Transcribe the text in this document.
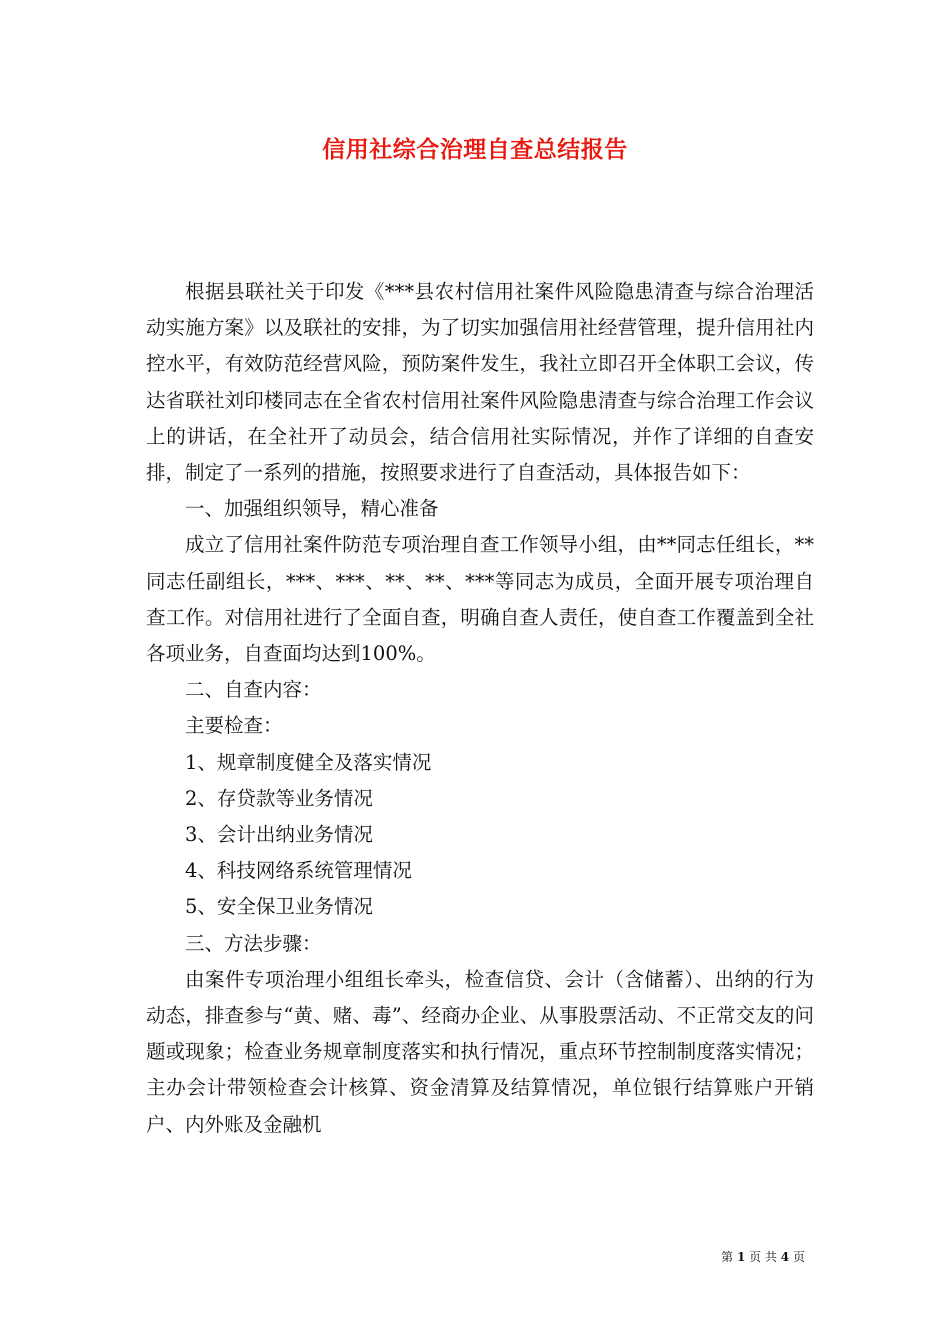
信用社综合治理自查总结报告

根据县联社关于印发《***县农村信用社案件风险隐患清查与综合治理活动实施方案》以及联社的安排，为了切实加强信用社经营管理，提升信用社内控水平，有效防范经营风险，预防案件发生，我社立即召开全体职工会议，传达省联社刘印楼同志在全省农村信用社案件风险隐患清查与综合治理工作会议上的讲话，在全社开了动员会，结合信用社实际情况，并作了详细的自查安排，制定了一系列的措施，按照要求进行了自查活动，具体报告如下：

一、加强组织领导，精心准备

成立了信用社案件防范专项治理自查工作领导小组，由**同志任组长，**同志任副组长，***、***、**、**、***等同志为成员，全面开展专项治理自查工作。对信用社进行了全面自查，明确自查人责任，使自查工作覆盖到全社各项业务，自查面均达到100%。

二、自查内容：

主要检查：

1、规章制度健全及落实情况

2、存贷款等业务情况

3、会计出纳业务情况

4、科技网络系统管理情况

5、安全保卫业务情况

三、方法步骤：

由案件专项治理小组组长牵头，检查信贷、会计（含储蓄）、出纳的行为动态，排查参与“黄、赌、毒”、经商办企业、从事股票活动、不正常交友的问题或现象；检查业务规章制度落实和执行情况，重点环节控制制度落实情况；主办会计带领检查会计核算、资金清算及结算情况，单位银行结算账户开销户、内外账及金融机

第 1 页 共 4 页
